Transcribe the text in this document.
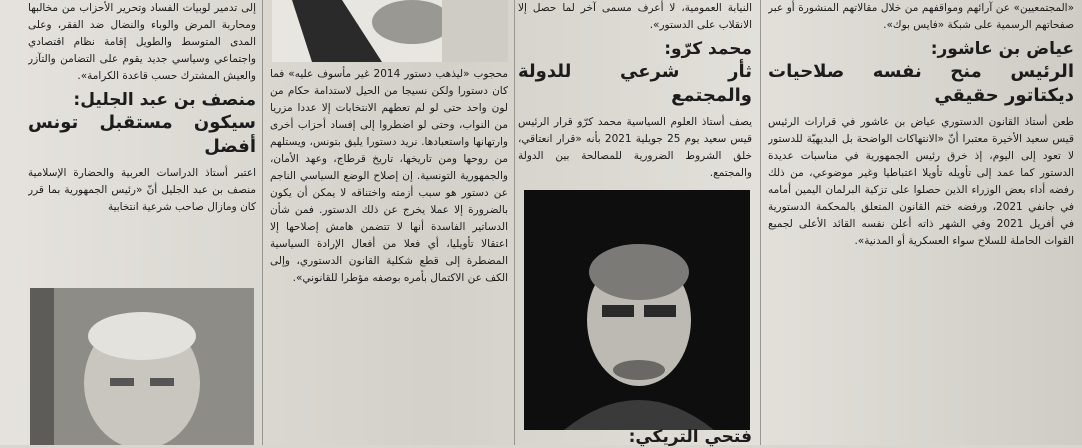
«المجتمعيين» عن آرائهم ومواقفهم من خلال مقالاتهم المنشورة أو عبر صفحاتهم الرسمية على شبكة «فايس بوك».

عياض بن عاشور:
الرئيس منح نفسه صلاحيات ديكتاتور حقيقي

طعن أستاذ القانون الدستوري عياض بن عاشور في قرارات الرئيس قيس سعيد الأخيرة معتبرا أنّ «الانتهاكات الواضحة بل البديهيّة للدستور لا تعود إلى اليوم، إذ خرق رئيس الجمهورية في مناسبات عديدة الدستور كما عمد إلى تأويله تأويلا اعتباطيا وغير موضوعي، من ذلك رفضه أداء بعض الوزراء الذين حصلوا على تزكية البرلمان اليمين أمامه في جانفي 2021، ورفضه ختم القانون المتعلق بالمحكمة الدستورية في أفريل 2021 وفي الشهر ذاته أعلن نفسه القائد الأعلى لجميع القوات الحاملة للسلاح سواء العسكرية أو المدنية».

النيابة العمومية، لا أعرف مسمى آخر لما حصل إلا الانقلاب على الدستور».

محمد كرّو:
ثأر شرعي للدولة والمجتمع

يصف أستاذ العلوم السياسية محمد كرّو قرار الرئيس قيس سعيد يوم 25 جويلية 2021 بأنه «قرار انعتاقي، خلق الشروط الضرورية للمصالحة بين الدولة والمجتمع.

فتحي التريكي:

محجوب «ليذهب دستور 2014 غير مأسوف عليه» فما كان دستورا ولكن نسيجا من الحيل لاستدامة حكام من لون واحد حتى لو لم تعطهم الانتخابات إلا عددا مزريا من النواب، وحتى لو اضطروا إلى إفساد أحزاب أخرى وارتهانها واستعبادها. نريد دستورا يليق بتونس، ويستلهم من روحها ومن تاريخها، تاريخ قرطاج، وعهد الأمان، والجمهورية التونسية. إن إصلاح الوضع السياسي الناجم عن دستور هو سبب أزمته واختناقه لا يمكن أن يكون بالضرورة إلا عملا يخرج عن ذلك الدستور. فمن شأن الدساتير الفاسدة أنها لا تتضمن هامش إصلاحها إلا اعتقالا تأويليا، أي فعلا من أفعال الإرادة السياسية المضطرة إلى قطع شكلية القانون الدستوري، وإلى الكف عن الاكتمال بأمره بوصفه مؤطرا للقانوني».

إلى تدمير لوبيات الفساد وتحرير الأحزاب من مخالبها ومحاربة المرض والوباء والنضال ضد الفقر، وعلى المدى المتوسط والطويل إقامة نظام اقتصادي واجتماعي وسياسي جديد يقوم على التضامن والتآزر والعيش المشترك حسب قاعدة الكرامة».

منصف بن عبد الجليل:
سيكون مستقبل تونس أفضل

اعتبر أستاذ الدراسات العربية والحضارة الإسلامية منصف بن عبد الجليل أنّ «رئيس الجمهورية بما قرر كان ومازال صاحب شرعية انتخابية
